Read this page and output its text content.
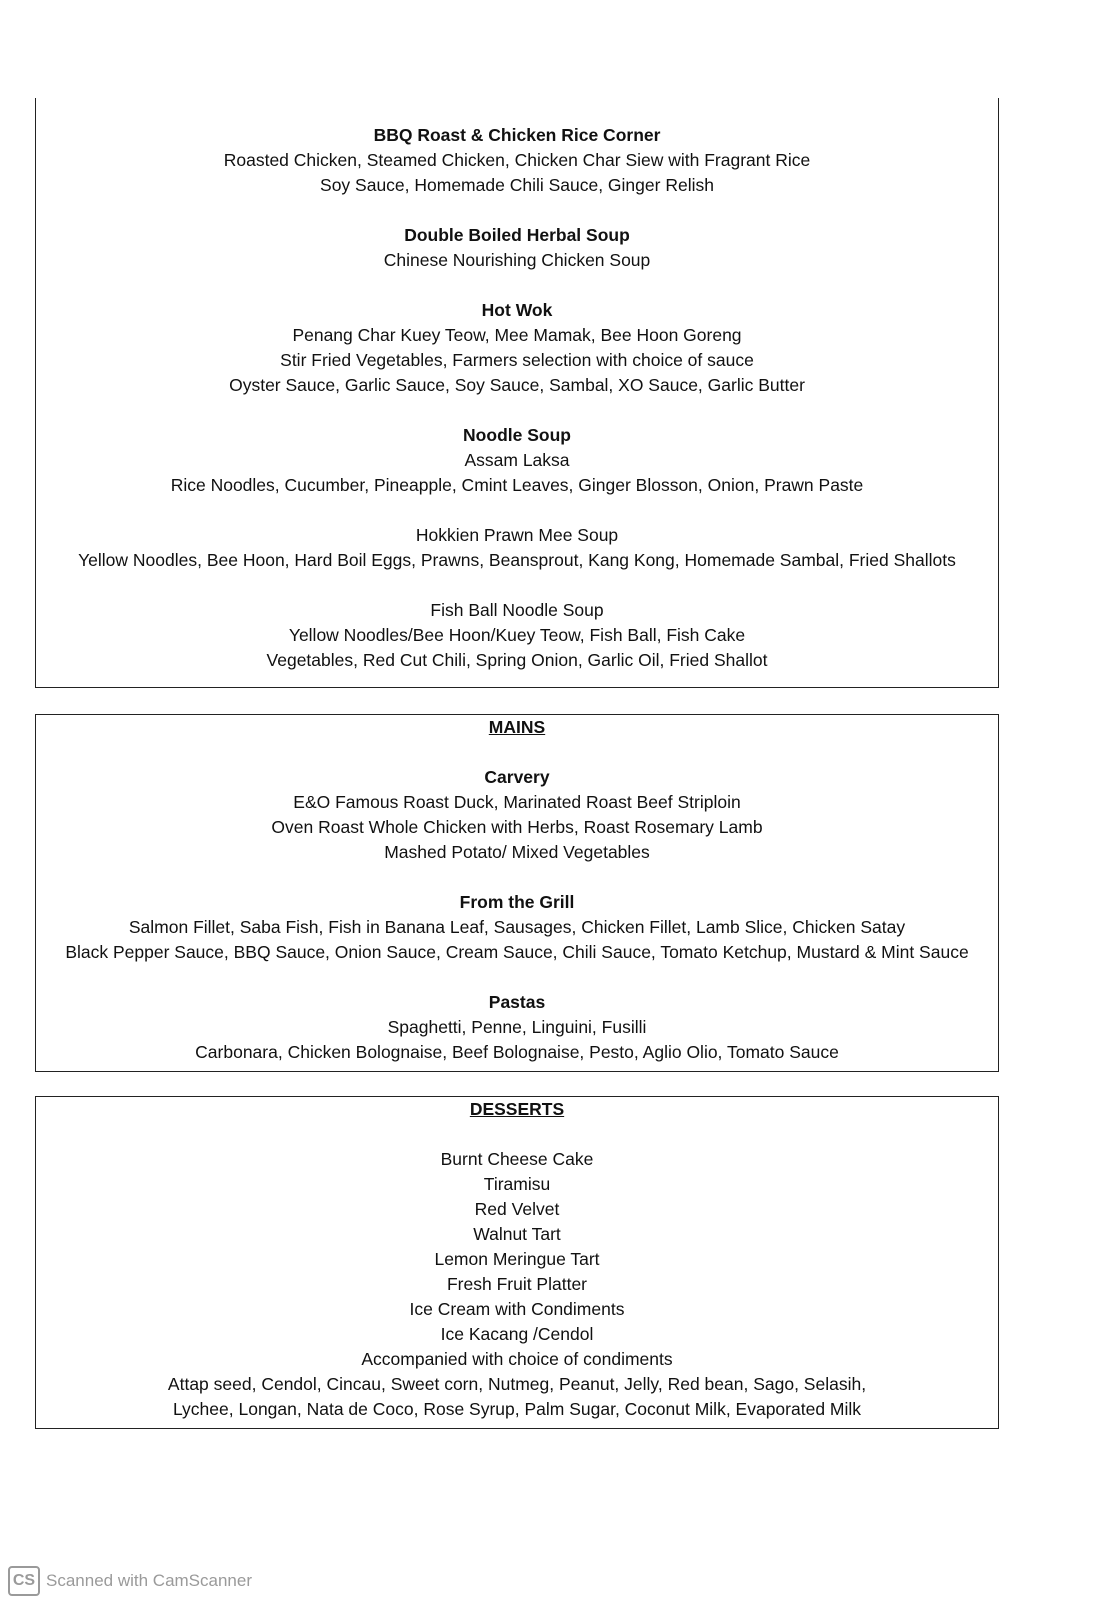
BBQ Roast & Chicken Rice Corner
Roasted Chicken, Steamed Chicken, Chicken Char Siew with Fragrant Rice
Soy Sauce, Homemade Chili Sauce, Ginger Relish
Double Boiled Herbal Soup
Chinese Nourishing Chicken Soup
Hot Wok
Penang Char Kuey Teow, Mee Mamak, Bee Hoon Goreng
Stir Fried Vegetables, Farmers selection with choice of sauce
Oyster Sauce, Garlic Sauce, Soy Sauce, Sambal, XO Sauce, Garlic Butter
Noodle Soup
Assam Laksa
Rice Noodles, Cucumber, Pineapple, Cmint Leaves, Ginger Blosson, Onion, Prawn Paste
Hokkien Prawn Mee Soup
Yellow Noodles, Bee Hoon, Hard Boil Eggs, Prawns, Beansprout, Kang Kong, Homemade Sambal, Fried Shallots
Fish Ball Noodle Soup
Yellow Noodles/Bee Hoon/Kuey Teow, Fish Ball, Fish Cake
Vegetables, Red Cut Chili, Spring Onion, Garlic Oil, Fried Shallot
MAINS
Carvery
E&O Famous Roast Duck, Marinated Roast Beef Striploin
Oven Roast Whole Chicken with Herbs, Roast Rosemary Lamb
Mashed Potato/ Mixed Vegetables
From the Grill
Salmon Fillet, Saba Fish, Fish in Banana Leaf, Sausages, Chicken Fillet, Lamb Slice, Chicken Satay
Black Pepper Sauce, BBQ Sauce, Onion Sauce, Cream Sauce, Chili Sauce, Tomato Ketchup, Mustard & Mint Sauce
Pastas
Spaghetti, Penne, Linguini, Fusilli
Carbonara, Chicken Bolognaise, Beef Bolognaise, Pesto, Aglio Olio, Tomato Sauce
DESSERTS
Burnt Cheese Cake
Tiramisu
Red Velvet
Walnut Tart
Lemon Meringue Tart
Fresh Fruit Platter
Ice Cream with Condiments
Ice Kacang /Cendol
Accompanied with choice of condiments
Attap seed, Cendol, Cincau, Sweet corn, Nutmeg, Peanut, Jelly, Red bean, Sago, Selasih,
Lychee, Longan, Nata de Coco, Rose Syrup, Palm Sugar, Coconut Milk, Evaporated Milk
CS Scanned with CamScanner
